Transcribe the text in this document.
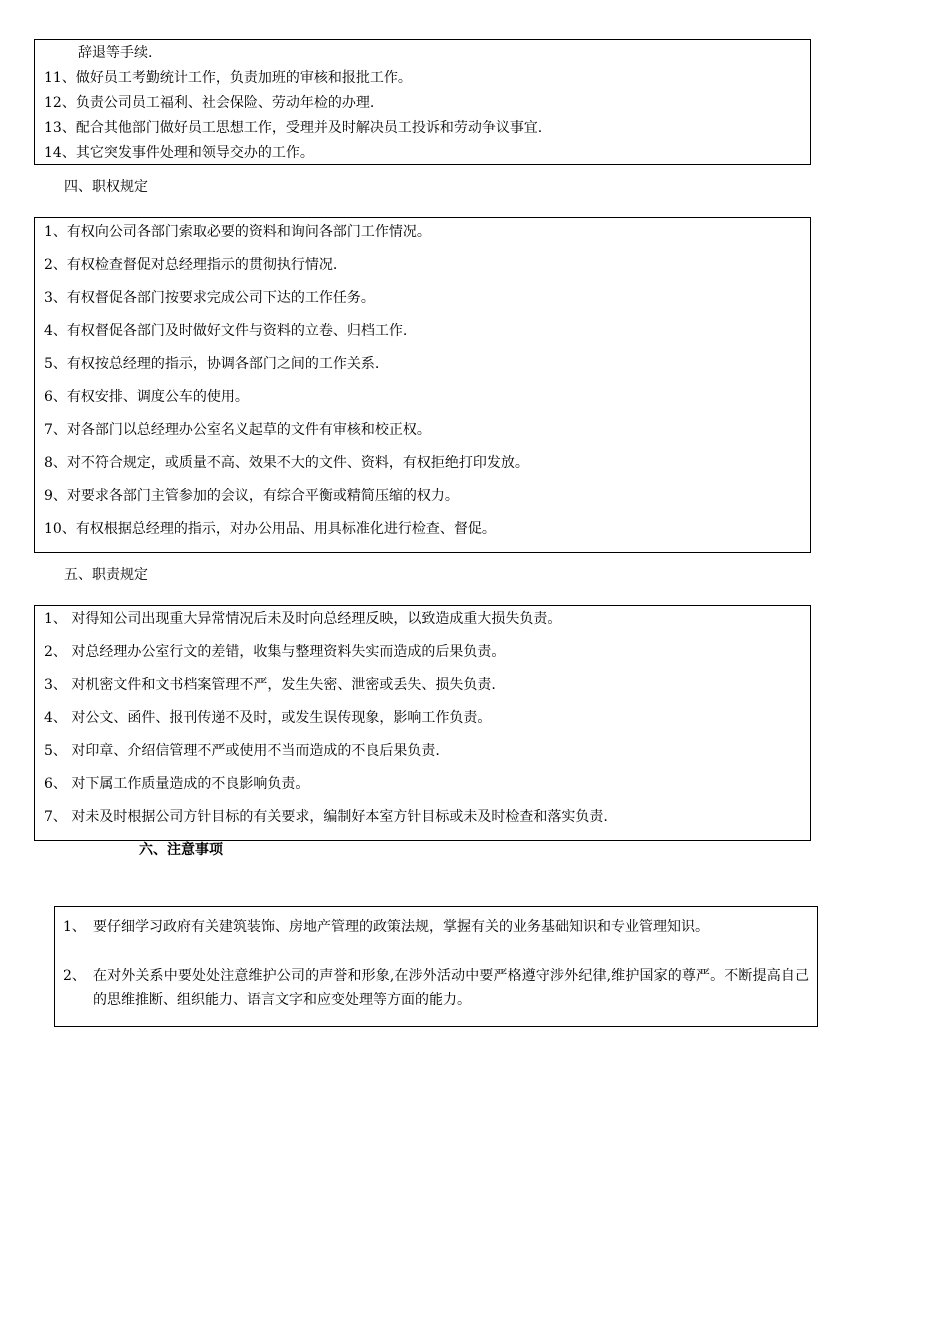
辞退等手续.
11、做好员工考勤统计工作，负责加班的审核和报批工作。
12、负责公司员工福利、社会保险、劳动年检的办理.
13、配合其他部门做好员工思想工作，受理并及时解决员工投诉和劳动争议事宜.
14、其它突发事件处理和领导交办的工作。
四、职权规定
1、有权向公司各部门索取必要的资料和询问各部门工作情况。
2、有权检查督促对总经理指示的贯彻执行情况.
3、有权督促各部门按要求完成公司下达的工作任务。
4、有权督促各部门及时做好文件与资料的立卷、归档工作.
5、有权按总经理的指示，协调各部门之间的工作关系.
6、有权安排、调度公车的使用。
7、对各部门以总经理办公室名义起草的文件有审核和校正权。
8、对不符合规定，或质量不高、效果不大的文件、资料，有权拒绝打印发放。
9、对要求各部门主管参加的会议，有综合平衡或精简压缩的权力。
10、有权根据总经理的指示，对办公用品、用具标准化进行检查、督促。
五、职责规定
1、 对得知公司出现重大异常情况后未及时向总经理反映，以致造成重大损失负责。
2、 对总经理办公室行文的差错，收集与整理资料失实而造成的后果负责。
3、 对机密文件和文书档案管理不严，发生失密、泄密或丢失、损失负责.
4、 对公文、函件、报刊传递不及时，或发生误传现象，影响工作负责。
5、 对印章、介绍信管理不严或使用不当而造成的不良后果负责.
6、 对下属工作质量造成的不良影响负责。
7、 对未及时根据公司方针目标的有关要求，编制好本室方针目标或未及时检查和落实负责.
六、注意事项
1、 要仔细学习政府有关建筑装饰、房地产管理的政策法规，掌握有关的业务基础知识和专业管理知识。
2、 在对外关系中要处处注意维护公司的声誉和形象,在涉外活动中要严格遵守涉外纪律,维护国家的尊严。不断提高自己的思维推断、组织能力、语言文字和应变处理等方面的能力。
